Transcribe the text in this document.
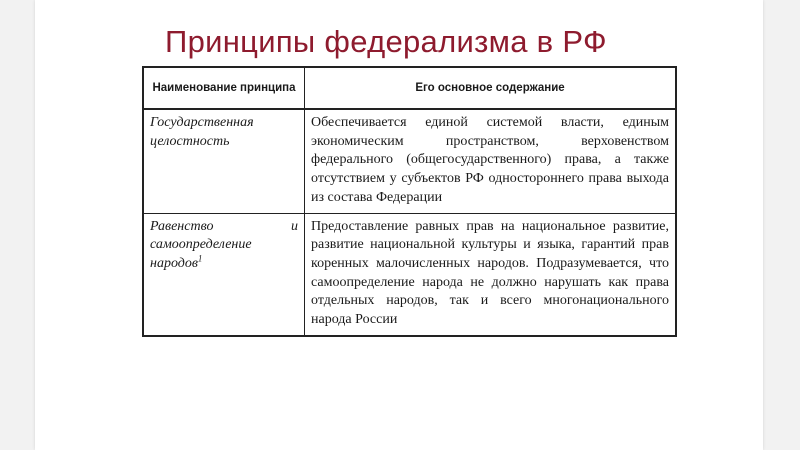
Принципы федерализма в РФ
Наименование принципа	Его основное содержание
Государственная целостность	Обеспечивается единой системой власти, единым экономическим пространством, верховенством федерального (общегосударственного) права, а также отсутствием у субъектов РФ одностороннего права выхода из состава Федерации
Равенство и самоопределение народов$^1$	Предоставление равных прав на национальное развитие, развитие национальной культуры и языка, гарантий прав коренных малочисленных народов. Подразумевается, что самоопределение народа не должно нарушать как права отдельных народов, так и всего многонационального народа России
